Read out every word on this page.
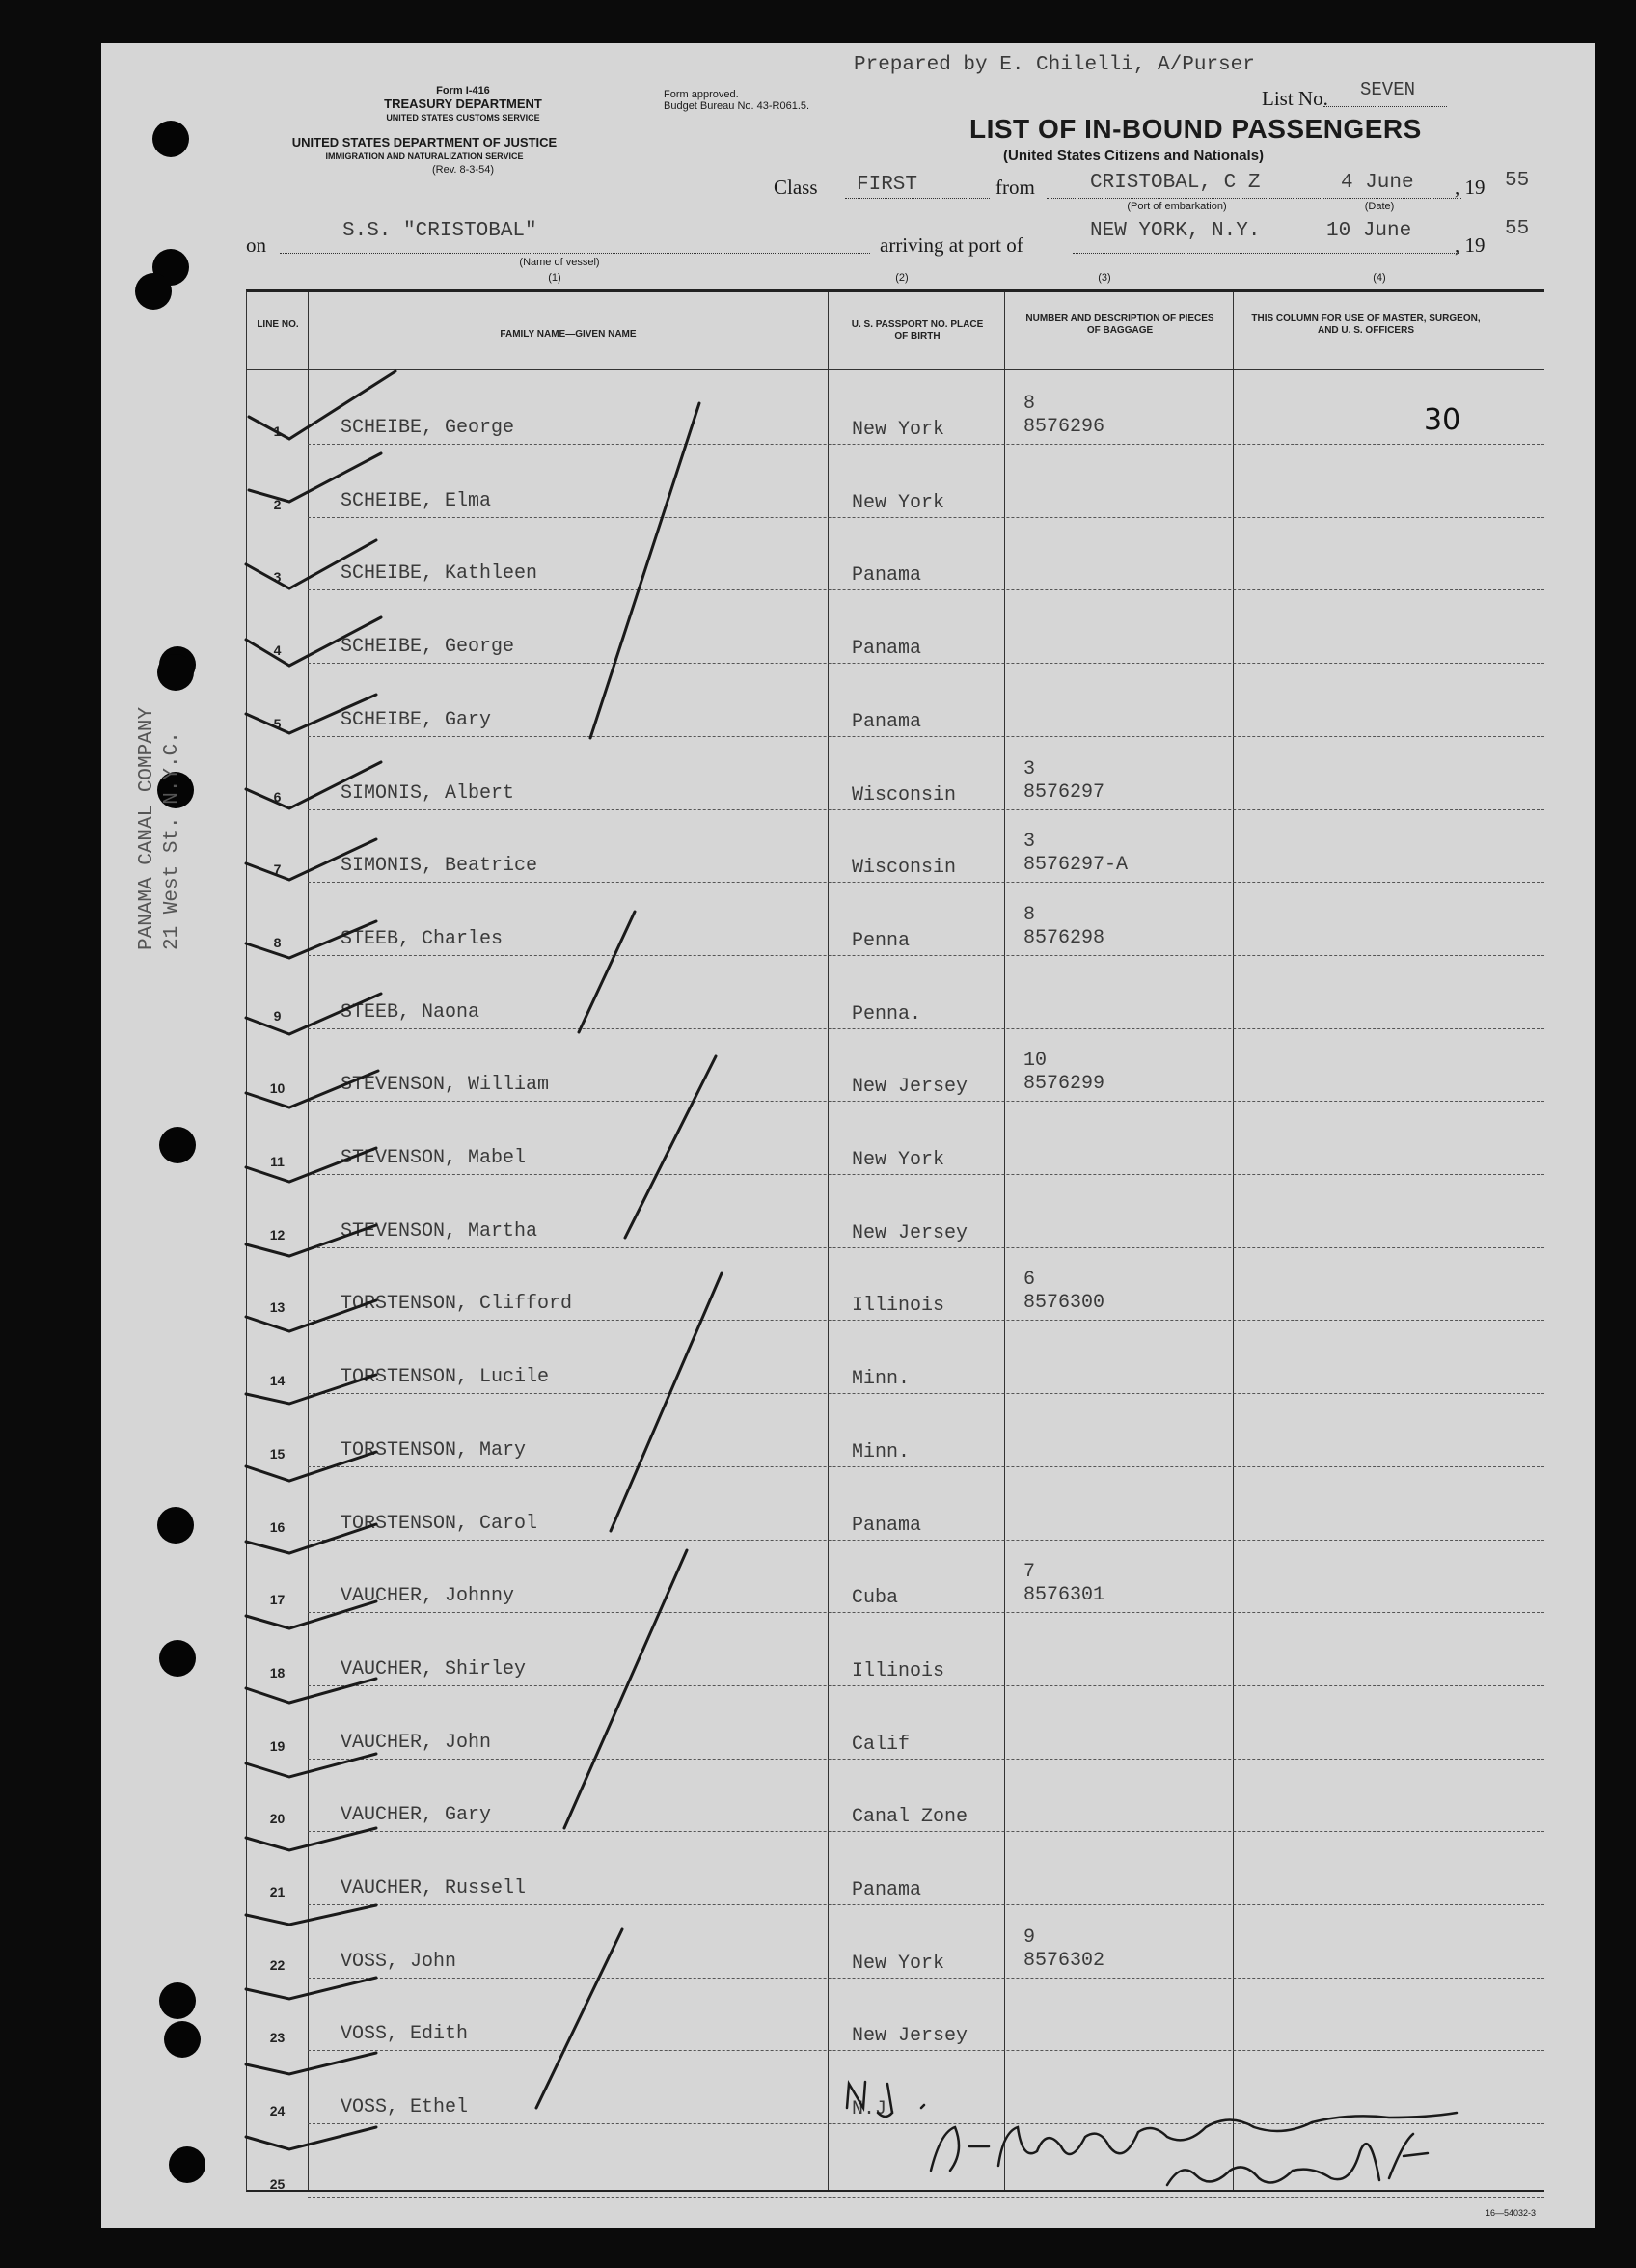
Form I-416
TREASURY DEPARTMENT
UNITED STATES CUSTOMS SERVICE
UNITED STATES DEPARTMENT OF JUSTICE
IMMIGRATION AND NATURALIZATION SERVICE
(Rev. 8-3-54)
Form approved.
Budget Bureau No. 43-R061.5.
Prepared by E. Chilelli, A/Purser
List No. SEVEN
LIST OF IN-BOUND PASSENGERS
(United States Citizens and Nationals)
Class FIRST	from	CRISTOBAL, C Z	4 June , 19 55
(Port of embarkation)	(Date)
on
S.S. "CRISTOBAL"
(Name of vessel)
arriving at port of
NEW YORK, N.Y.	10 June
, 19
55
(1)	(2)	(3)	(4)
PANAMA CANAL COMPANY 21 West St. N.Y.C.
LINE NO.
FAMILY NAME—GIVEN NAME
U. S. PASSPORT NO. PLACE OF BIRTH
NUMBER AND DESCRIPTION OF PIECES OF BAGGAGE
THIS COLUMN FOR USE OF MASTER, SURGEON, AND U. S. OFFICERS
1	SCHEIBE, George	New York
8
8576296	30
2	SCHEIBE, Elma	New York
3	SCHEIBE, Kathleen	Panama
4	SCHEIBE, George	Panama
5	SCHEIBE, Gary	Panama
6	SIMONIS, Albert	Wisconsin
3
8576297
7	SIMONIS, Beatrice	Wisconsin
3
8576297-A
8	STEEB, Charles	Penna
8
8576298
9	STEEB, Naona	Penna.
10	STEVENSON, William	New Jersey
10
8576299
11	STEVENSON, Mabel	New York
12	STEVENSON, Martha	New Jersey
13	TORSTENSON, Clifford	Illinois
6
8576300
14	TORSTENSON, Lucile	Minn.
15	TORSTENSON, Mary	Minn.
16	TORSTENSON, Carol	Panama
17	VAUCHER, Johnny	Cuba
7
8576301
18	VAUCHER, Shirley	Illinois
19	VAUCHER, John	Calif
20	VAUCHER, Gary	Canal Zone
21	VAUCHER, Russell	Panama
22	VOSS, John	New York
9
8576302
23	VOSS, Edith	New Jersey
24	VOSS, Ethel	N.J.
25
16—54032-3
